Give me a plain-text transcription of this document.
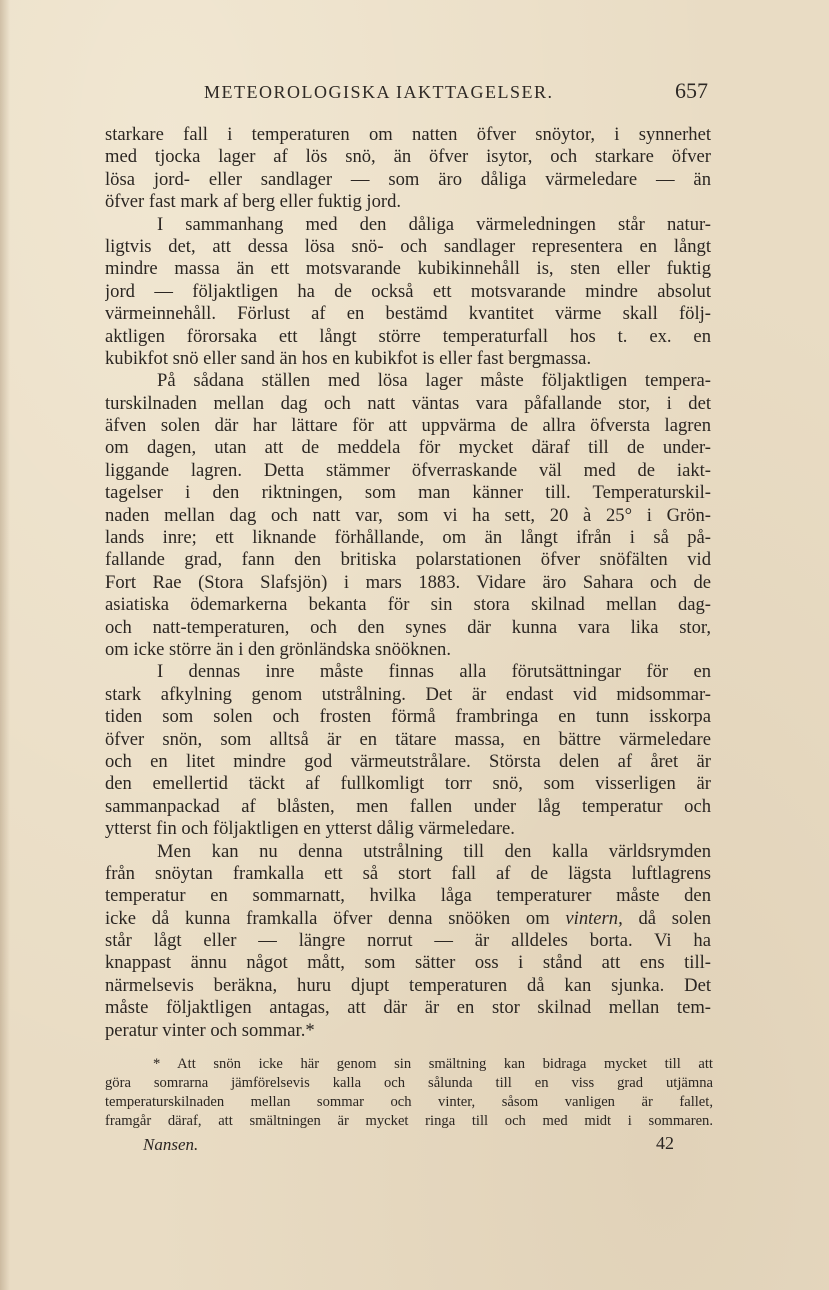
METEOROLOGISKA IAKTTAGELSER.	657
starkare fall i temperaturen om natten öfver snöytor, i synnerhet
med tjocka lager af lös snö, än öfver isytor, och starkare öfver
lösa jord- eller sandlager — som äro dåliga värmeledare — än
öfver fast mark af berg eller fuktig jord.
I sammanhang med den dåliga värmeledningen står natur-
ligtvis det, att dessa lösa snö- och sandlager representera en långt
mindre massa än ett motsvarande kubikinnehåll is, sten eller fuktig
jord — följaktligen ha de också ett motsvarande mindre absolut
värmeinnehåll. Förlust af en bestämd kvantitet värme skall följ-
aktligen förorsaka ett långt större temperaturfall hos t. ex. en
kubikfot snö eller sand än hos en kubikfot is eller fast bergmassa.
På sådana ställen med lösa lager måste följaktligen tempera-
turskilnaden mellan dag och natt väntas vara påfallande stor, i det
äfven solen där har lättare för att uppvärma de allra öfversta lagren
om dagen, utan att de meddela för mycket däraf till de under-
liggande lagren. Detta stämmer öfverraskande väl med de iakt-
tagelser i den riktningen, som man känner till. Temperaturskil-
naden mellan dag och natt var, som vi ha sett, 20 à 25° i Grön-
lands inre; ett liknande förhållande, om än långt ifrån i så på-
fallande grad, fann den britiska polarstationen öfver snöfälten vid
Fort Rae (Stora Slafsjön) i mars 1883. Vidare äro Sahara och de
asiatiska ödemarkerna bekanta för sin stora skilnad mellan dag-
och natt-temperaturen, och den synes där kunna vara lika stor,
om icke större än i den grönländska snööknen.
I dennas inre måste finnas alla förutsättningar för en
stark afkylning genom utstrålning. Det är endast vid midsommar-
tiden som solen och frosten förmå frambringa en tunn isskorpa
öfver snön, som alltså är en tätare massa, en bättre värmeledare
och en litet mindre god värmeutstrålare. Största delen af året är
den emellertid täckt af fullkomligt torr snö, som visserligen är
sammanpackad af blåsten, men fallen under låg temperatur och
ytterst fin och följaktligen en ytterst dålig värmeledare.
Men kan nu denna utstrålning till den kalla världsrymden
från snöytan framkalla ett så stort fall af de lägsta luftlagrens
temperatur en sommarnatt, hvilka låga temperaturer måste den
icke då kunna framkalla öfver denna snööken om vintern, då solen
står lågt eller — längre norrut — är alldeles borta. Vi ha
knappast ännu något mått, som sätter oss i stånd att ens till-
närmelsevis beräkna, huru djupt temperaturen då kan sjunka. Det
måste följaktligen antagas, att där är en stor skilnad mellan tem-
peratur vinter och sommar.*
* Att snön icke här genom sin smältning kan bidraga mycket till att
göra somrarna jämförelsevis kalla och sålunda till en viss grad utjämna
temperaturskilnaden mellan sommar och vinter, såsom vanligen är fallet,
framgår däraf, att smältningen är mycket ringa till och med midt i sommaren.
Nansen.	42
